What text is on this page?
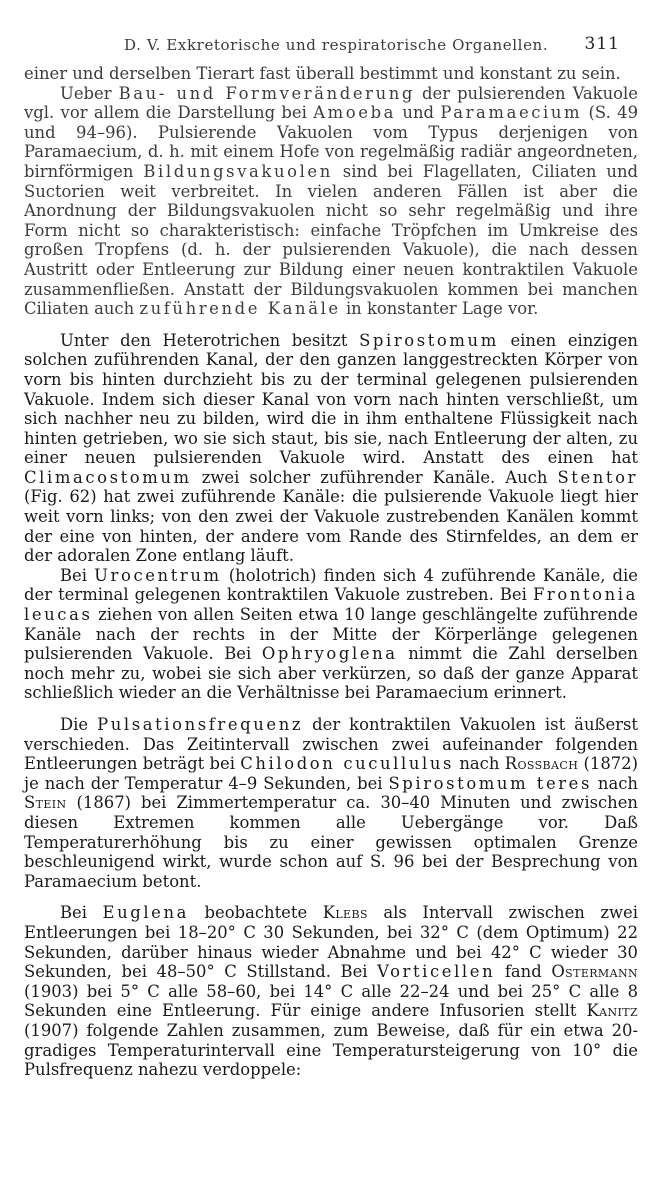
D. V. Exkretorische und respiratorische Organellen. 311

einer und derselben Tierart fast überall bestimmt und konstant zu sein.

Ueber Bau- und Formveränderung der pulsierenden Vakuole vgl. vor allem die Darstellung bei Amoeba und Paramaecium (S. 49 und 94–96). Pulsierende Vakuolen vom Typus derjenigen von Paramaecium, d. h. mit einem Hofe von regelmäßig radiär angeordneten, birnförmigen Bildungsvakuolen sind bei Flagellaten, Ciliaten und Suctorien weit verbreitet. In vielen anderen Fällen ist aber die Anordnung der Bildungsvakuolen nicht so sehr regelmäßig und ihre Form nicht so charakteristisch: einfache Tröpfchen im Umkreise des großen Tropfens (d. h. der pulsierenden Vakuole), die nach dessen Austritt oder Entleerung zur Bildung einer neuen kontraktilen Vakuole zusammenfließen. Anstatt der Bildungsvakuolen kommen bei manchen Ciliaten auch zuführende Kanäle in konstanter Lage vor.

Unter den Heterotrichen besitzt Spirostomum einen einzigen solchen zuführenden Kanal, der den ganzen langgestreckten Körper von vorn bis hinten durchzieht bis zu der terminal gelegenen pulsierenden Vakuole. Indem sich dieser Kanal von vorn nach hinten verschließt, um sich nachher neu zu bilden, wird die in ihm enthaltene Flüssigkeit nach hinten getrieben, wo sie sich staut, bis sie, nach Entleerung der alten, zu einer neuen pulsierenden Vakuole wird. Anstatt des einen hat Climacostomum zwei solcher zuführender Kanäle. Auch Stentor (Fig. 62) hat zwei zuführende Kanäle: die pulsierende Vakuole liegt hier weit vorn links; von den zwei der Vakuole zustrebenden Kanälen kommt der eine von hinten, der andere vom Rande des Stirnfeldes, an dem er der adoralen Zone entlang läuft.

Bei Urocentrum (holotrich) finden sich 4 zuführende Kanäle, die der terminal gelegenen kontraktilen Vakuole zustreben. Bei Frontonia leucas ziehen von allen Seiten etwa 10 lange geschlängelte zuführende Kanäle nach der rechts in der Mitte der Körperlänge gelegenen pulsierenden Vakuole. Bei Ophryoglena nimmt die Zahl derselben noch mehr zu, wobei sie sich aber verkürzen, so daß der ganze Apparat schließlich wieder an die Verhältnisse bei Paramaecium erinnert.

Die Pulsationsfrequenz der kontraktilen Vakuolen ist äußerst verschieden. Das Zeitintervall zwischen zwei aufeinander folgenden Entleerungen beträgt bei Chilodon cucullulus nach Rossbach (1872) je nach der Temperatur 4–9 Sekunden, bei Spirostomum teres nach Stein (1867) bei Zimmertemperatur ca. 30–40 Minuten und zwischen diesen Extremen kommen alle Uebergänge vor. Daß Temperaturerhöhung bis zu einer gewissen optimalen Grenze beschleunigend wirkt, wurde schon auf S. 96 bei der Besprechung von Paramaecium betont.

Bei Euglena beobachtete Klebs als Intervall zwischen zwei Entleerungen bei 18–20° C 30 Sekunden, bei 32° C (dem Optimum) 22 Sekunden, darüber hinaus wieder Abnahme und bei 42° C wieder 30 Sekunden, bei 48–50° C Stillstand. Bei Vorticellen fand Ostermann (1903) bei 5° C alle 58–60, bei 14° C alle 22–24 und bei 25° C alle 8 Sekunden eine Entleerung. Für einige andere Infusorien stellt Kanitz (1907) folgende Zahlen zusammen, zum Beweise, daß für ein etwa 20-gradiges Temperaturintervall eine Temperatursteigerung von 10° die Pulsfrequenz nahezu verdoppele:
